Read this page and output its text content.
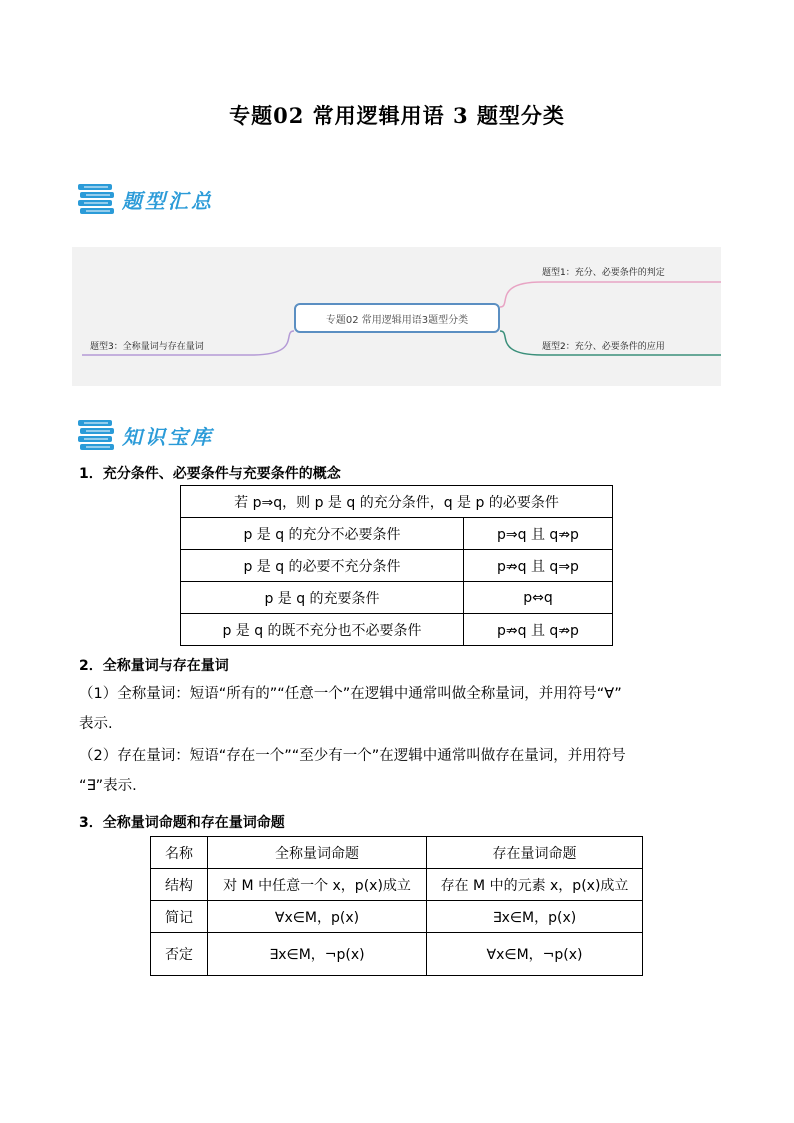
专题02 常用逻辑用语 3 题型分类
题型汇总
专题02 常用逻辑用语3题型分类
题型1：充分、必要条件的判定
题型2：充分、必要条件的应用
题型3：全称量词与存在量词
知识宝库
1．充分条件、必要条件与充要条件的概念
若 p⇒q，则 p 是 q 的充分条件，q 是 p 的必要条件	
p 是 q 的充分不必要条件	p⇒q 且 q⇏p
p 是 q 的必要不充分条件	p⇏q 且 q⇒p
p 是 q 的充要条件	p⇔q
p 是 q 的既不充分也不必要条件	p⇏q 且 q⇏p
2．全称量词与存在量词
（1）全称量词：短语“所有的”“任意一个”在逻辑中通常叫做全称量词，并用符号“∀”
表示.
（2）存在量词：短语“存在一个”“至少有一个”在逻辑中通常叫做存在量词，并用符号
“∃”表示.
3．全称量词命题和存在量词命题
名称	全称量词命题	存在量词命题
结构	对 M 中任意一个 x，p(x)成立	存在 M 中的元素 x，p(x)成立
简记	∀x∈M，p(x)	∃x∈M，p(x)
否定	∃x∈M，¬p(x)	∀x∈M，¬p(x)
